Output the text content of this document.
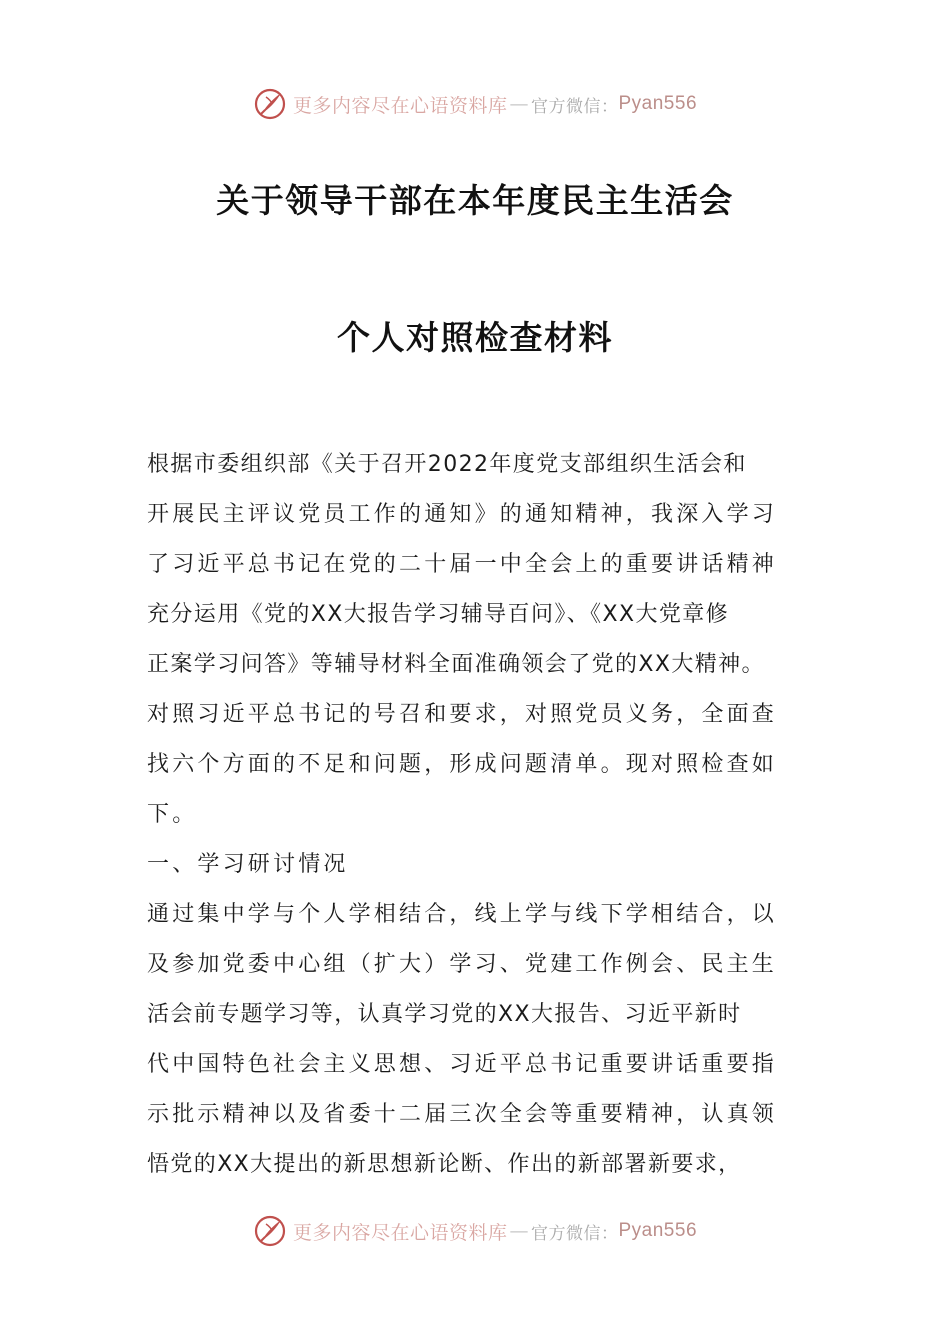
更多内容尽在心语资料库 — 官方微信： Pyan556
关于领导干部在本年度民主生活会
个人对照检查材料
根据市委组织部《关于召开2022年度党支部组织生活会和
开展民主评议党员工作的通知》的通知精神，我深入学习
了习近平总书记在党的二十届一中全会上的重要讲话精神
充分运用《党的XX大报告学习辅导百问》、《XX大党章修
正案学习问答》等辅导材料全面准确领会了党的XX大精神。
对照习近平总书记的号召和要求，对照党员义务，全面查
找六个方面的不足和问题，形成问题清单。现对照检查如
下。
一、学习研讨情况
通过集中学与个人学相结合，线上学与线下学相结合，以
及参加党委中心组（扩大）学习、党建工作例会、民主生
活会前专题学习等，认真学习党的XX大报告、习近平新时
代中国特色社会主义思想、习近平总书记重要讲话重要指
示批示精神以及省委十二届三次全会等重要精神，认真领
悟党的XX大提出的新思想新论断、作出的新部署新要求，
更多内容尽在心语资料库 — 官方微信： Pyan556
